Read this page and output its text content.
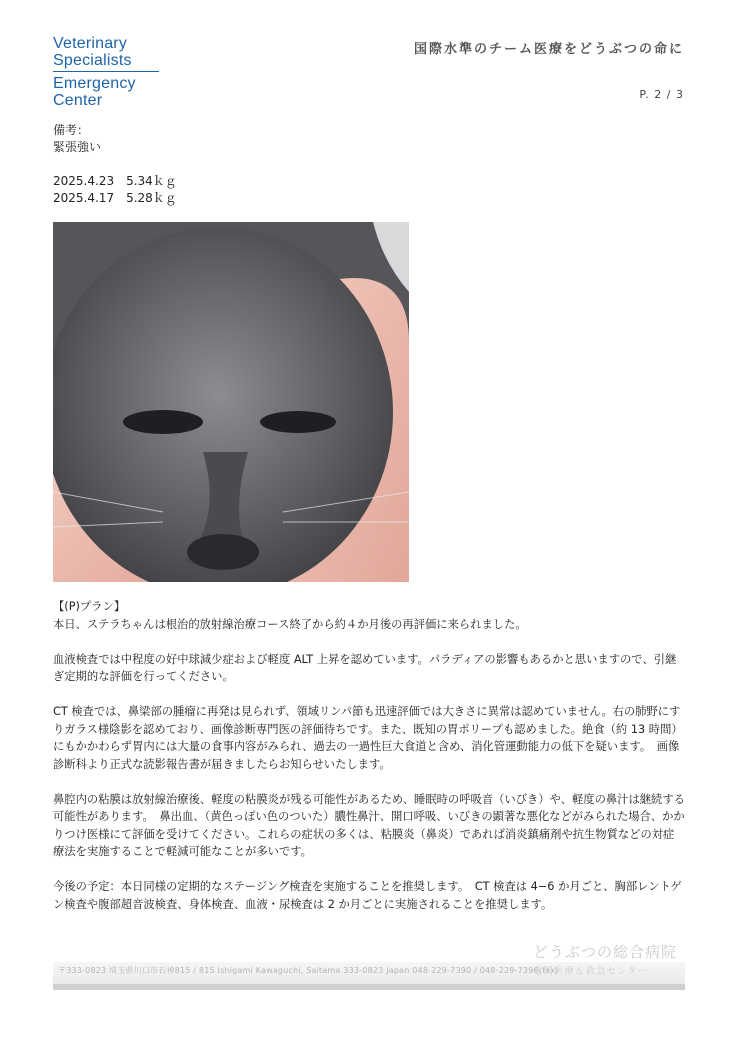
Veterinary
Specialists
Emergency
Center
国際水準のチーム医療をどうぶつの命に
P. 2 / 3
備考：
緊張強い
2025.4.23 5.34ｋｇ
2025.4.17 5.28ｋｇ
【(P)プラン】

本日、ステラちゃんは根治的放射線治療コース終了から約４か月後の再評価に来られました。

血液検査では中程度の好中球減少症および軽度 ALT 上昇を認めています。パラディアの影響もあるかと思いますので、引継ぎ定期的な評価を行ってください。

CT 検査では、鼻梁部の腫瘤に再発は見られず、領域リンパ節も迅速評価では大きさに異常は認めていません。右の肺野にすりガラス様陰影を認めており、画像診断専門医の評価待ちです。また、既知の胃ポリープも認めました。絶食（約 13 時間）にもかかわらず胃内には大量の食事内容がみられ、過去の一過性巨大食道と含め、消化管運動能力の低下を疑います。　画像診断科より正式な読影報告書が届きましたらお知らせいたします。

鼻腔内の粘膜は放射線治療後、軽度の粘膜炎が残る可能性があるため、睡眠時の呼吸音（いびき）や、軽度の鼻汁は継続する可能性があります。　鼻出血、（黄色っぽい色のついた）膿性鼻汁、開口呼吸、いびきの顕著な悪化などがみられた場合、かかりつけ医様にて評価を受けてください。これらの症状の多くは、粘膜炎（鼻炎）であれば消炎鎮痛剤や抗生物質などの対症療法を実施することで軽減可能なことが多いです。

今後の予定：本日同様の定期的なステージング検査を実施することを推奨します。　CT 検査は 4−6 か月ごと、胸部レントゲン検査や腹部超音波検査、身体検査、血液・尿検査は 2 か月ごとに実施されることを推奨します。

〒333-0823 埼玉県川口市石神815 / 815 Ishigami Kawaguchi, Saitama 333-0823 Japan 048-229-7390 / 048-229-7396(fax)
どうぶつの総合病院
専門医療＆救急センター
